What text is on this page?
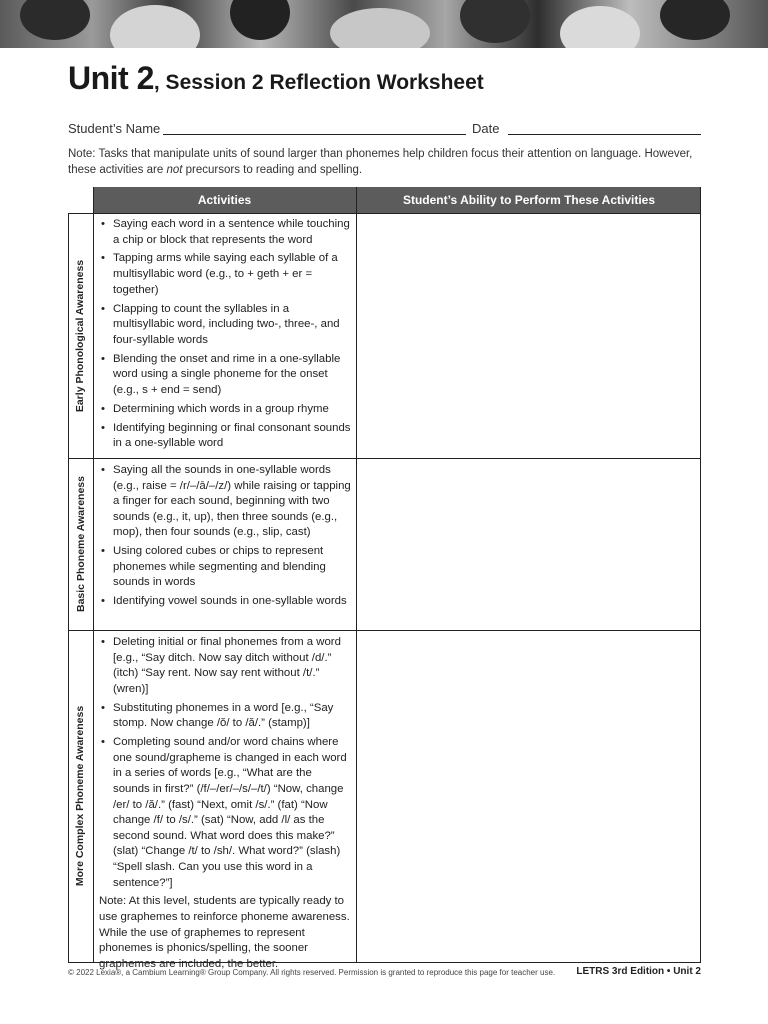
Unit 2, Session 2 Reflection Worksheet
Student’s Name	Date
Note: Tasks that manipulate units of sound larger than phonemes help children focus their attention on language. However, these activities are not precursors to reading and spelling.
Activities	Student’s Ability to Perform These Activities
Early Phonological Awareness
• Saying each word in a sentence while touching a chip or block that represents the word
• Tapping arms while saying each syllable of a multisyllabic word (e.g., to + geth + er = together)
• Clapping to count the syllables in a multisyllabic word, including two-, three-, and four-syllable words
• Blending the onset and rime in a one-syllable word using a single phoneme for the onset (e.g., s + end = send)
• Determining which words in a group rhyme
• Identifying beginning or final consonant sounds in a one-syllable word
Basic Phoneme Awareness
• Saying all the sounds in one-syllable words (e.g., raise = /r/–/ā/–/z/) while raising or tapping a finger for each sound, beginning with two sounds (e.g., it, up), then three sounds (e.g., mop), then four sounds (e.g., slip, cast)
• Using colored cubes or chips to represent phonemes while segmenting and blending sounds in words
• Identifying vowel sounds in one-syllable words
More Complex Phoneme Awareness
• Deleting initial or final phonemes from a word [e.g., “Say ditch. Now say ditch without /d/.” (itch) “Say rent. Now say rent without /t/.” (wren)]
• Substituting phonemes in a word [e.g., “Say stomp. Now change /ŏ/ to /ă/.” (stamp)]
• Completing sound and/or word chains where one sound/grapheme is changed in each word in a series of words [e.g., “What are the sounds in first?” (/f/–/er/–/s/–/t/) “Now, change /er/ to /ă/.” (fast) “Next, omit /s/.” (fat) “Now change /f/ to /s/.” (sat) “Now, add /l/ as the second sound. What word does this make?” (slat) “Change /t/ to /sh/. What word?” (slash) “Spell slash. Can you use this word in a sentence?”]
Note: At this level, students are typically ready to use graphemes to reinforce phoneme awareness. While the use of graphemes to represent phonemes is phonics/spelling, the sooner graphemes are included, the better.
© 2022 Lexia®, a Cambium Learning® Group Company. All rights reserved. Permission is granted to reproduce this page for teacher use. LETRS 3rd Edition • Unit 2
